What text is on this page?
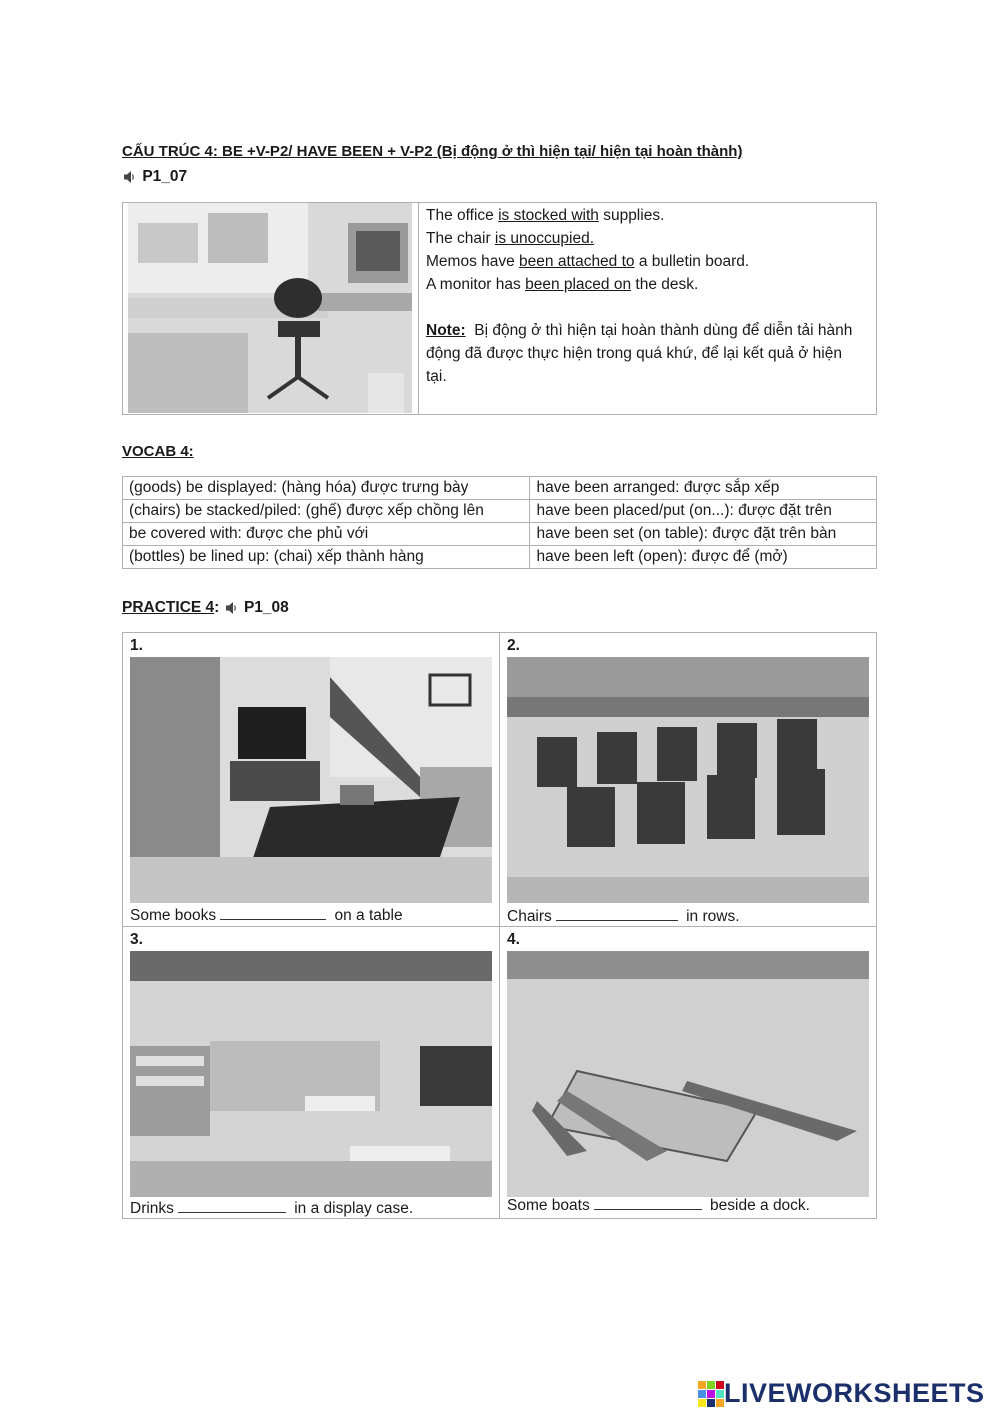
CẤU TRÚC 4: BE +V-P2/ HAVE BEEN + V-P2 (Bị động ở thì hiện tại/ hiện tại hoàn thành)
P1_07
The office is stocked with supplies.
The chair is unoccupied.
Memos have been attached to a bulletin board.
A monitor has been placed on the desk.
Note: Bị động ở thì hiện tại hoàn thành dùng để diễn tải hành động đã được thực hiện trong quá khứ, để lại kết quả ở hiện tại.
VOCAB 4:
(goods) be displayed: (hàng hóa) được trưng bày	have been arranged: được sắp xếp
(chairs) be stacked/piled: (ghế) được xếp chồng lên	have been placed/put (on...): được đặt trên
be covered with: được che phủ với	have been set (on table): được đặt trên bàn
(bottles) be lined up: (chai) xếp thành hàng	have been left (open): được để (mở)
PRACTICE 4: P1_08
1.
Some books	on a table
2.
Chairs	in rows.
3.
Drinks	in a display case.
4.
Some boats	beside a dock.
LIVEWORKSHEETS
